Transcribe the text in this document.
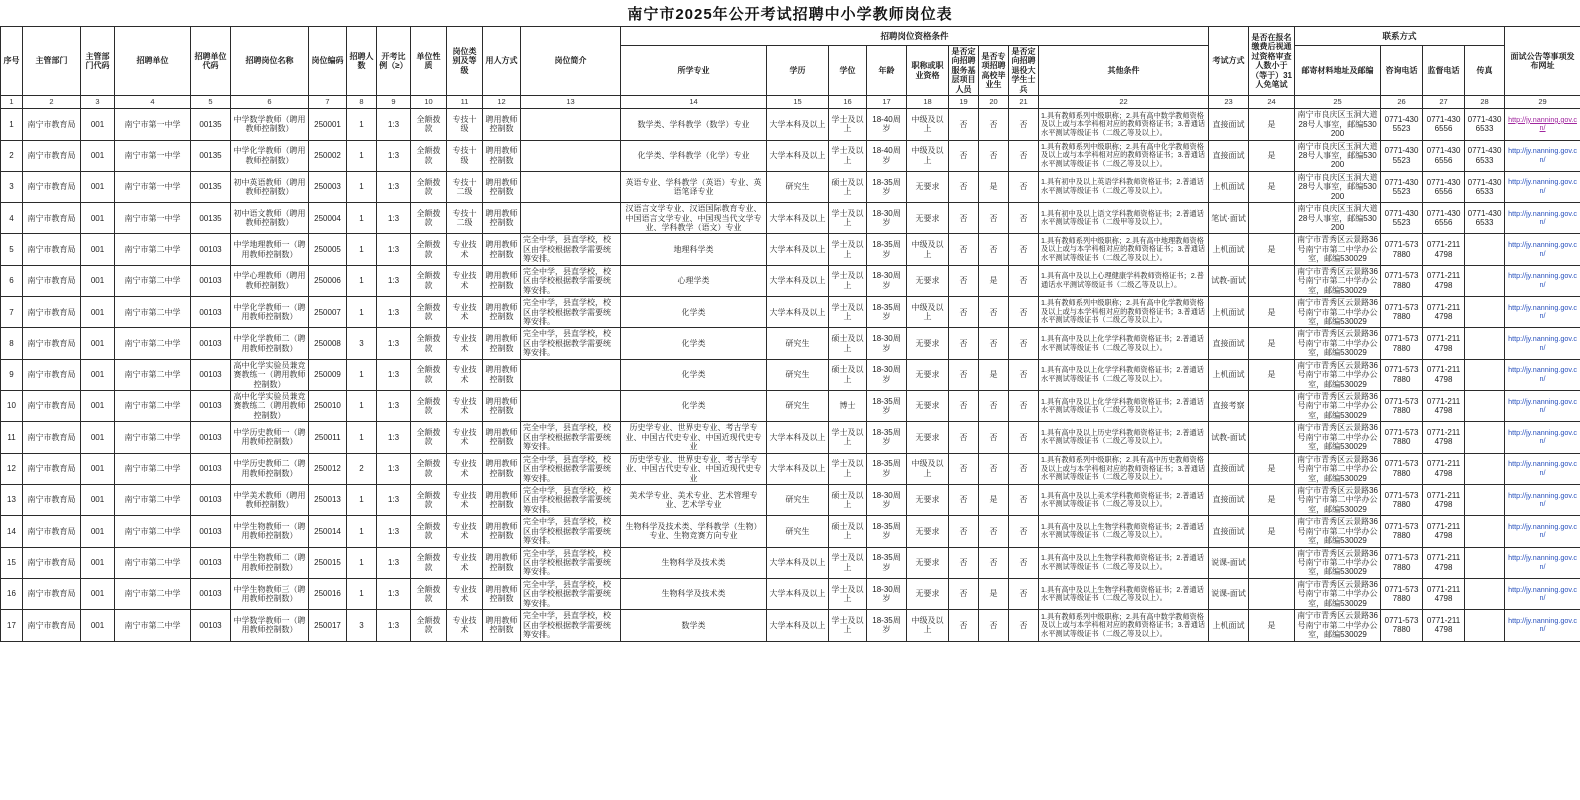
南宁市2025年公开考试招聘中小学教师岗位表
序号	主管部门	主管部门代码	招聘单位	招聘单位代码	招聘岗位名称	岗位编码	招聘人数	开考比例（≥）	单位性质	岗位类别及等级	用人方式	岗位简介	招聘岗位资格条件									考试方式	是否在报名缴费后视通过资格审查人数小于（等于）31人免笔试	联系方式				面试公告等事项发布网址
													所学专业	学历	学位	年龄	职称或职业资格	是否定向招聘服务基层项目人员	是否专项招聘高校毕业生	是否定向招聘退役大学生士兵	其他条件			邮寄材料地址及邮编	咨询电话	监督电话	传真	
1	2	3	4	5	6	7	8	9	10	11	12	13	14	15	16	17	18	19	20	21	22	23	24	25	26	27	28	29
1	南宁市教育局	001	南宁市第一中学	00135	中学数学教师（聘用教师控制数）	250001	1	1:3	全额拨款	专技十级	聘用教师控制数		数学类、学科教学（数学）专业	大学本科及以上	学士及以上	18-40周岁	中级及以上	否	否	否	1.具有教师系列中级职称；2.具有高中数学教师资格及以上或与本学科相对应的教师资格证书；3.普通话水平测试等级证书（二级乙等及以上）。	直接面试	是	南宁市良庆区玉洞大道28号人事室，邮编530200	0771-4305523	0771-4306556	0771-4306533	http://jy.nanning.gov.cn/
2	南宁市教育局	001	南宁市第一中学	00135	中学化学教师（聘用教师控制数）	250002	1	1:3	全额拨款	专技十级	聘用教师控制数		化学类、学科教学（化学）专业	大学本科及以上	学士及以上	18-40周岁	中级及以上	否	否	否	1.具有教师系列中级职称；2.具有高中化学教师资格及以上或与本学科相对应的教师资格证书；3.普通话水平测试等级证书（二级乙等及以上）。	直接面试	是	南宁市良庆区玉洞大道28号人事室，邮编530200	0771-4305523	0771-4306556	0771-4306533	http://jy.nanning.gov.cn/
3	南宁市教育局	001	南宁市第一中学	00135	初中英语教师（聘用教师控制数）	250003	1	1:3	全额拨款	专技十二级	聘用教师控制数		英语专业、学科教学（英语）专业、英语笔译专业	研究生	硕士及以上	18-35周岁	无要求	否	是	否	1.具有初中及以上英语学科教师资格证书；2.普通话水平测试等级证书（二级乙等及以上）。	上机面试	是	南宁市良庆区玉洞大道28号人事室，邮编530200	0771-4305523	0771-4306556	0771-4306533	http://jy.nanning.gov.cn/
4	南宁市教育局	001	南宁市第一中学	00135	初中语文教师（聘用教师控制数）	250004	1	1:3	全额拨款	专技十二级	聘用教师控制数		汉语言文学专业、汉语国际教育专业、中国语言文学专业、中国现当代文学专业、学科教学（语文）专业	大学本科及以上	学士及以上	18-30周岁	无要求	否	否	否	1.具有初中及以上语文学科教师资格证书；2.普通话水平测试等级证书（二级甲等及以上）。	笔试·面试		南宁市良庆区玉洞大道28号人事室，邮编530200	0771-4305523	0771-4306556	0771-4306533	http://jy.nanning.gov.cn/
5	南宁市教育局	001	南宁市第二中学	00103	中学地理教师一（聘用教师控制数）	250005	1	1:3	全额拨款	专业技术	聘用教师控制数	完全中学，县直学校，校区由学校根据教学需要统筹安排。	地理科学类	大学本科及以上	学士及以上	18-35周岁	中级及以上	否	否	否	1.具有教师系列中级职称；2.具有高中地理教师资格及以上或与本学科相对应的教师资格证书；3.普通话水平测试等级证书（二级乙等及以上）。	上机面试	是	南宁市青秀区云景路36号南宁市第二中学办公室，邮编530029	0771-5737880	0771-2114798		http://jy.nanning.gov.cn/
6	南宁市教育局	001	南宁市第二中学	00103	中学心理教师（聘用教师控制数）	250006	1	1:3	全额拨款	专业技术	聘用教师控制数	完全中学，县直学校，校区由学校根据教学需要统筹安排。	心理学类	大学本科及以上	学士及以上	18-30周岁	无要求	否	是	否	1.具有高中及以上心理健康学科教师资格证书；2.普通话水平测试等级证书（二级乙等及以上）。	试教-面试		南宁市青秀区云景路36号南宁市第二中学办公室，邮编530029	0771-5737880	0771-2114798		http://jy.nanning.gov.cn/
7	南宁市教育局	001	南宁市第二中学	00103	中学化学教师一（聘用教师控制数）	250007	1	1:3	全额拨款	专业技术	聘用教师控制数	完全中学，县直学校，校区由学校根据教学需要统筹安排。	化学类	大学本科及以上	学士及以上	18-35周岁	中级及以上	否	否	否	1.具有教师系列中级职称；2.具有高中化学教师资格及以上或与本学科相对应的教师资格证书；3.普通话水平测试等级证书（二级乙等及以上）。	上机面试	是	南宁市青秀区云景路36号南宁市第二中学办公室，邮编530029	0771-5737880	0771-2114798		http://jy.nanning.gov.cn/
8	南宁市教育局	001	南宁市第二中学	00103	中学化学教师二（聘用教师控制数）	250008	3	1:3	全额拨款	专业技术	聘用教师控制数	完全中学，县直学校，校区由学校根据教学需要统筹安排。	化学类	研究生	硕士及以上	18-30周岁	无要求	否	否	否	1.具有高中及以上化学学科教师资格证书；2.普通话水平测试等级证书（二级乙等及以上）。	直接面试	是	南宁市青秀区云景路36号南宁市第二中学办公室，邮编530029	0771-5737880	0771-2114798		http://jy.nanning.gov.cn/
9	南宁市教育局	001	南宁市第二中学	00103	高中化学实验员兼竞赛教练一（聘用教师控制数）	250009	1	1:3	全额拨款	专业技术	聘用教师控制数		化学类	研究生	硕士及以上	18-30周岁	无要求	否	是	否	1.具有高中及以上化学学科教师资格证书；2.普通话水平测试等级证书（二级乙等及以上）。	上机面试	是	南宁市青秀区云景路36号南宁市第二中学办公室，邮编530029	0771-5737880	0771-2114798		http://jy.nanning.gov.cn/
10	南宁市教育局	001	南宁市第二中学	00103	高中化学实验员兼竞赛教练二（聘用教师控制数）	250010	1	1:3	全额拨款	专业技术	聘用教师控制数		化学类	研究生	博士	18-35周岁	无要求	否	否	否	1.具有高中及以上化学学科教师资格证书；2.普通话水平测试等级证书（二级乙等及以上）。	直接考察		南宁市青秀区云景路36号南宁市第二中学办公室，邮编530029	0771-5737880	0771-2114798		http://jy.nanning.gov.cn/
11	南宁市教育局	001	南宁市第二中学	00103	中学历史教师一（聘用教师控制数）	250011	1	1:3	全额拨款	专业技术	聘用教师控制数	完全中学，县直学校，校区由学校根据教学需要统筹安排。	历史学专业、世界史专业、考古学专业、中国古代史专业、中国近现代史专业	大学本科及以上	学士及以上	18-35周岁	无要求	否	否	否	1.具有高中及以上历史学科教师资格证书；2.普通话水平测试等级证书（二级乙等及以上）。	试教-面试		南宁市青秀区云景路36号南宁市第二中学办公室，邮编530029	0771-5737880	0771-2114798		http://jy.nanning.gov.cn/
12	南宁市教育局	001	南宁市第二中学	00103	中学历史教师二（聘用教师控制数）	250012	2	1:3	全额拨款	专业技术	聘用教师控制数	完全中学，县直学校，校区由学校根据教学需要统筹安排。	历史学专业、世界史专业、考古学专业、中国古代史专业、中国近现代史专业	大学本科及以上	学士及以上	18-35周岁	中级及以上	否	否	否	1.具有教师系列中级职称；2.具有高中历史教师资格及以上或与本学科相对应的教师资格证书；3.普通话水平测试等级证书（二级乙等及以上）。	直接面试	是	南宁市青秀区云景路36号南宁市第二中学办公室，邮编530029	0771-5737880	0771-2114798		http://jy.nanning.gov.cn/
13	南宁市教育局	001	南宁市第二中学	00103	中学美术教师（聘用教师控制数）	250013	1	1:3	全额拨款	专业技术	聘用教师控制数	完全中学，县直学校，校区由学校根据教学需要统筹安排。	美术学专业、美术专业、艺术管理专业、艺术学专业	研究生	硕士及以上	18-30周岁	无要求	否	是	否	1.具有高中及以上美术学科教师资格证书；2.普通话水平测试等级证书（二级乙等及以上）。	直接面试	是	南宁市青秀区云景路36号南宁市第二中学办公室，邮编530029	0771-5737880	0771-2114798		http://jy.nanning.gov.cn/
14	南宁市教育局	001	南宁市第二中学	00103	中学生物教师一（聘用教师控制数）	250014	1	1:3	全额拨款	专业技术	聘用教师控制数	完全中学，县直学校，校区由学校根据教学需要统筹安排。	生物科学及技术类、学科教学（生物）专业、生物竞赛方向专业	研究生	硕士及以上	18-35周岁	无要求	否	否	否	1.具有高中及以上生物学科教师资格证书；2.普通话水平测试等级证书（二级乙等及以上）。	直接面试	是	南宁市青秀区云景路36号南宁市第二中学办公室，邮编530029	0771-5737880	0771-2114798		http://jy.nanning.gov.cn/
15	南宁市教育局	001	南宁市第二中学	00103	中学生物教师二（聘用教师控制数）	250015	1	1:3	全额拨款	专业技术	聘用教师控制数	完全中学，县直学校，校区由学校根据教学需要统筹安排。	生物科学及技术类	大学本科及以上	学士及以上	18-35周岁	无要求	否	否	否	1.具有高中及以上生物学科教师资格证书；2.普通话水平测试等级证书（二级乙等及以上）。	说课-面试		南宁市青秀区云景路36号南宁市第二中学办公室，邮编530029	0771-5737880	0771-2114798		http://jy.nanning.gov.cn/
16	南宁市教育局	001	南宁市第二中学	00103	中学生物教师三（聘用教师控制数）	250016	1	1:3	全额拨款	专业技术	聘用教师控制数	完全中学，县直学校，校区由学校根据教学需要统筹安排。	生物科学及技术类	大学本科及以上	学士及以上	18-30周岁	无要求	否	是	否	1.具有高中及以上生物学科教师资格证书；2.普通话水平测试等级证书（二级乙等及以上）。	说课-面试		南宁市青秀区云景路36号南宁市第二中学办公室，邮编530029	0771-5737880	0771-2114798		http://jy.nanning.gov.cn/
17	南宁市教育局	001	南宁市第二中学	00103	中学数学教师一（聘用教师控制数）	250017	3	1:3	全额拨款	专业技术	聘用教师控制数	完全中学，县直学校，校区由学校根据教学需要统筹安排。	数学类	大学本科及以上	学士及以上	18-35周岁	中级及以上	否	否	否	1.具有教师系列中级职称；2.具有高中数学教师资格及以上或与本学科相对应的教师资格证书；3.普通话水平测试等级证书（二级乙等及以上）。	上机面试	是	南宁市青秀区云景路36号南宁市第二中学办公室，邮编530029	0771-5737880	0771-2114798		http://jy.nanning.gov.cn/
